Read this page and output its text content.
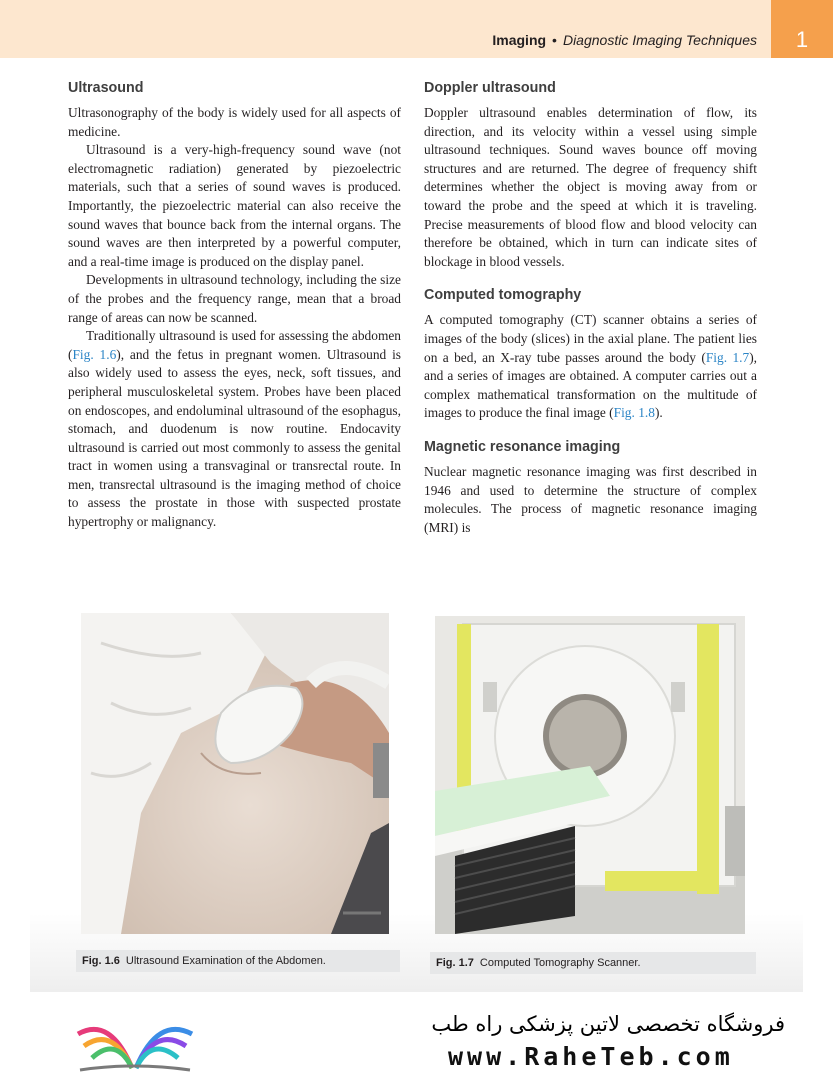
Imaging • Diagnostic Imaging Techniques	1
Ultrasound

Ultrasonography of the body is widely used for all aspects of medicine.

Ultrasound is a very-high-frequency sound wave (not electromagnetic radiation) generated by piezoelectric materials, such that a series of sound waves is produced. Importantly, the piezoelectric material can also receive the sound waves that bounce back from the internal organs. The sound waves are then interpreted by a powerful computer, and a real-time image is produced on the display panel.

Developments in ultrasound technology, including the size of the probes and the frequency range, mean that a broad range of areas can now be scanned.

Traditionally ultrasound is used for assessing the abdomen (Fig. 1.6), and the fetus in pregnant women. Ultrasound is also widely used to assess the eyes, neck, soft tissues, and peripheral musculoskeletal system. Probes have been placed on endoscopes, and endoluminal ultrasound of the esophagus, stomach, and duodenum is now routine. Endocavity ultrasound is carried out most commonly to assess the genital tract in women using a transvaginal or transrectal route. In men, transrectal ultrasound is the imaging method of choice to assess the prostate in those with suspected prostate hypertrophy or malignancy.

Doppler ultrasound

Doppler ultrasound enables determination of flow, its direction, and its velocity within a vessel using simple ultrasound techniques. Sound waves bounce off moving structures and are returned. The degree of frequency shift determines whether the object is moving away from or toward the probe and the speed at which it is traveling. Precise measurements of blood flow and blood velocity can therefore be obtained, which in turn can indicate sites of blockage in blood vessels.

Computed tomography

A computed tomography (CT) scanner obtains a series of images of the body (slices) in the axial plane. The patient lies on a bed, an X-ray tube passes around the body (Fig. 1.7), and a series of images are obtained. A computer carries out a complex mathematical transformation on the multitude of images to produce the final image (Fig. 1.8).

Magnetic resonance imaging

Nuclear magnetic resonance imaging was first described in 1946 and used to determine the structure of complex molecules. The process of magnetic resonance imaging (MRI) is

Fig. 1.6 Ultrasound Examination of the Abdomen.	Fig. 1.7 Computed Tomography Scanner.
فروشگاه تخصصی لاتین پزشکی راه طب
www.RaheTeb.com
